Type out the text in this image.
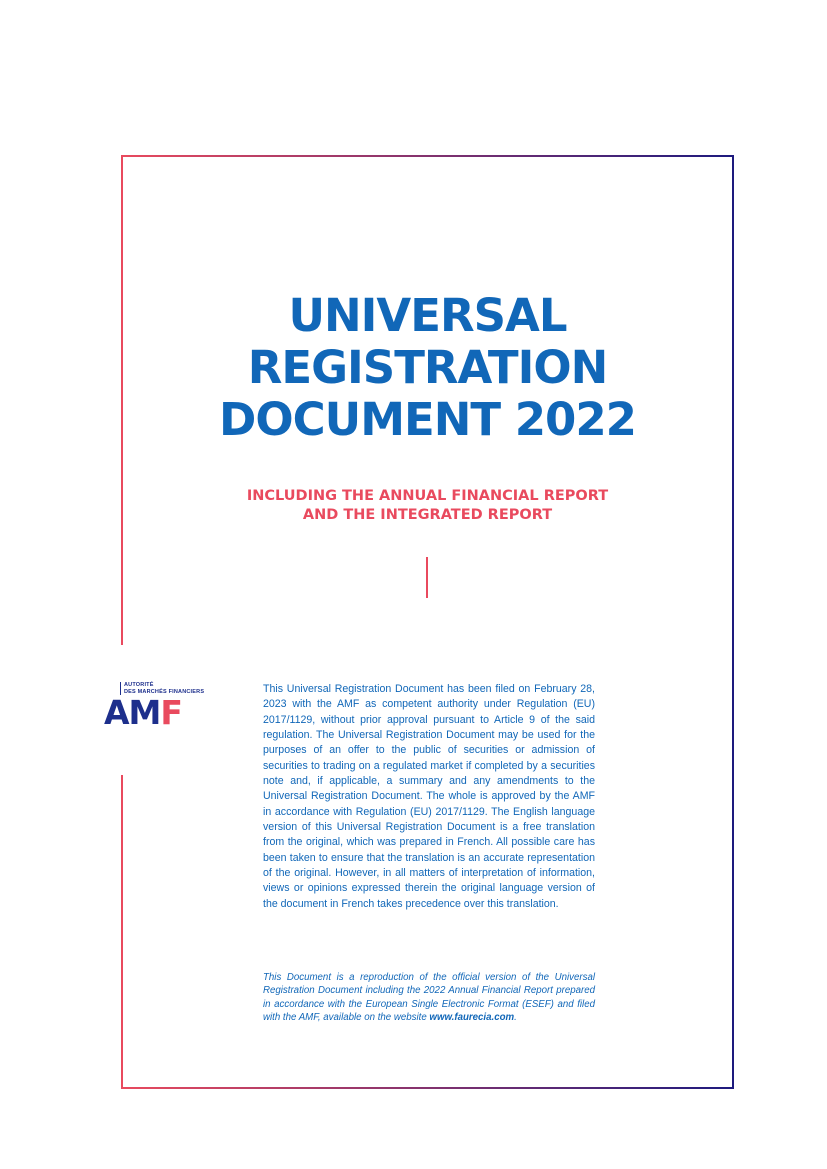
UNIVERSAL
REGISTRATION
DOCUMENT 2022
INCLUDING THE ANNUAL FINANCIAL REPORT
AND THE INTEGRATED REPORT
AUTORITÉ
DES MARCHÉS FINANCIERS
AMF

This Universal Registration Document has been filed on February 28, 2023 with the AMF as competent authority under Regulation (EU) 2017/1129, without prior approval pursuant to Article 9 of the said regulation. The Universal Registration Document may be used for the purposes of an offer to the public of securities or admission of securities to trading on a regulated market if completed by a securities note and, if applicable, a summary and any amendments to the Universal Registration Document. The whole is approved by the AMF in accordance with Regulation (EU) 2017/1129. The English language version of this Universal Registration Document is a free translation from the original, which was prepared in French. All possible care has been taken to ensure that the translation is an accurate representation of the original. However, in all matters of interpretation of information, views or opinions expressed therein the original language version of the document in French takes precedence over this translation.

This Document is a reproduction of the official version of the Universal Registration Document including the 2022 Annual Financial Report prepared in accordance with the European Single Electronic Format (ESEF) and filed with the AMF, available on the website www.faurecia.com.
